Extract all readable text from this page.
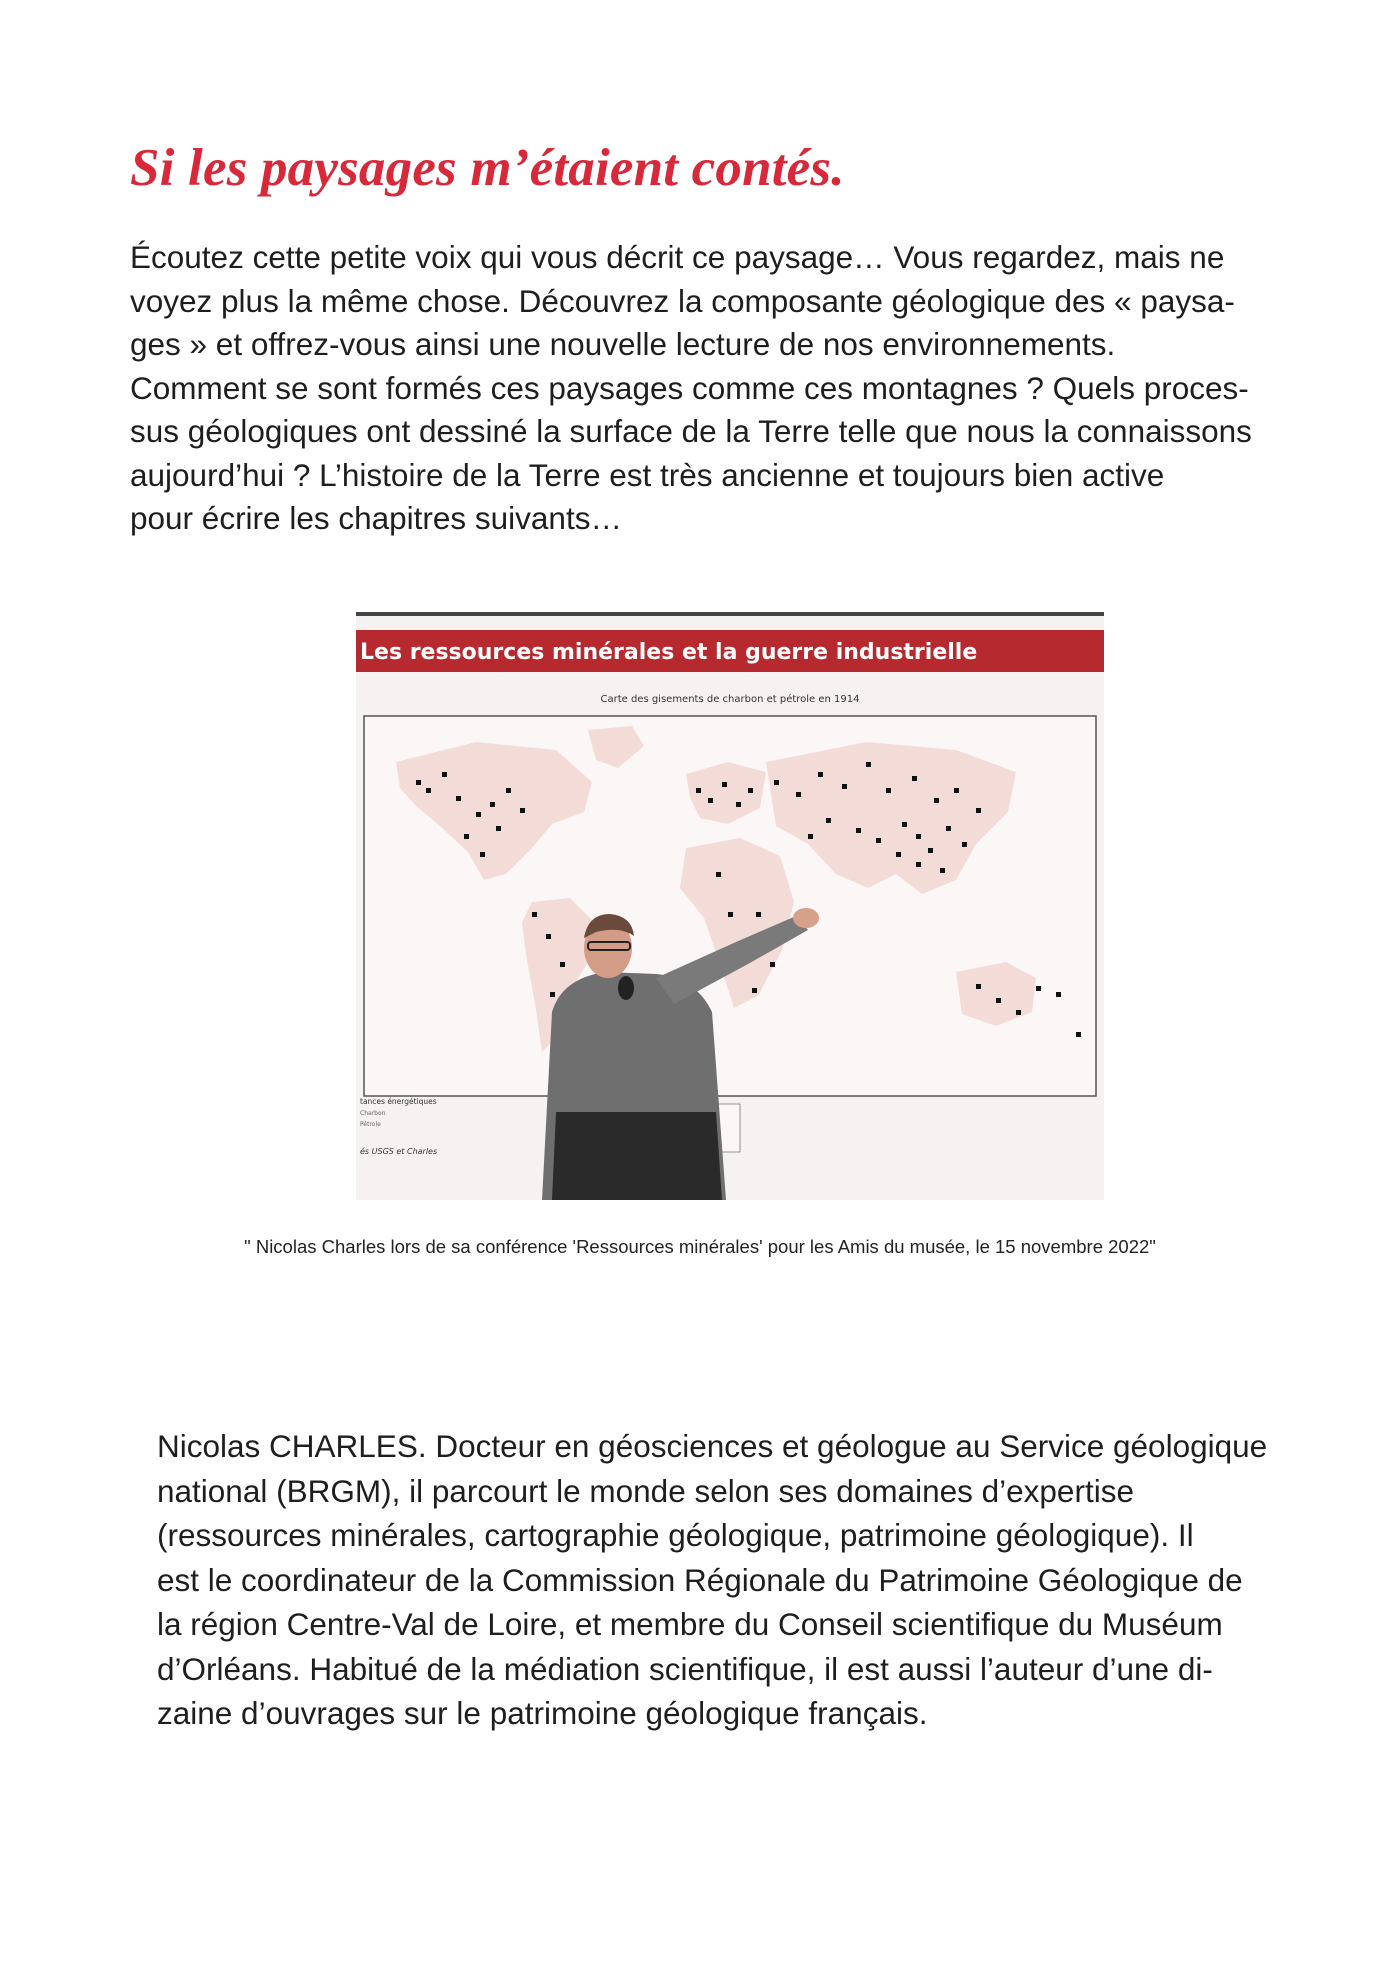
Si les paysages m’étaient contés.

Écoutez cette petite voix qui vous décrit ce paysage… Vous regardez, mais ne
voyez plus la même chose. Découvrez la composante géologique des « paysa-
ges » et offrez-vous ainsi une nouvelle lecture de nos environnements.
Comment se sont formés ces paysages comme ces montagnes ? Quels proces-
sus géologiques ont dessiné la surface de la Terre telle que nous la connaissons
aujourd’hui ? L’histoire de la Terre est très ancienne et toujours bien active
pour écrire les chapitres suivants…

Les ressources minérales et la guerre industrielle
Carte des gisements de charbon et pétrole en 1914
tances énergétiques
Charbon
Pétrole
és USGS et Charles

" Nicolas Charles lors de sa conférence 'Ressources minérales' pour les Amis du musée, le 15 novembre 2022"

Nicolas CHARLES. Docteur en géosciences et géologue au Service géologique
national (BRGM), il parcourt le monde selon ses domaines d’expertise
(ressources minérales, cartographie géologique, patrimoine géologique). Il
est le coordinateur de la Commission Régionale du Patrimoine Géologique de
la région Centre-Val de Loire, et membre du Conseil scientifique du Muséum
d’Orléans. Habitué de la médiation scientifique, il est aussi l’auteur d’une di-
zaine d’ouvrages sur le patrimoine géologique français.
